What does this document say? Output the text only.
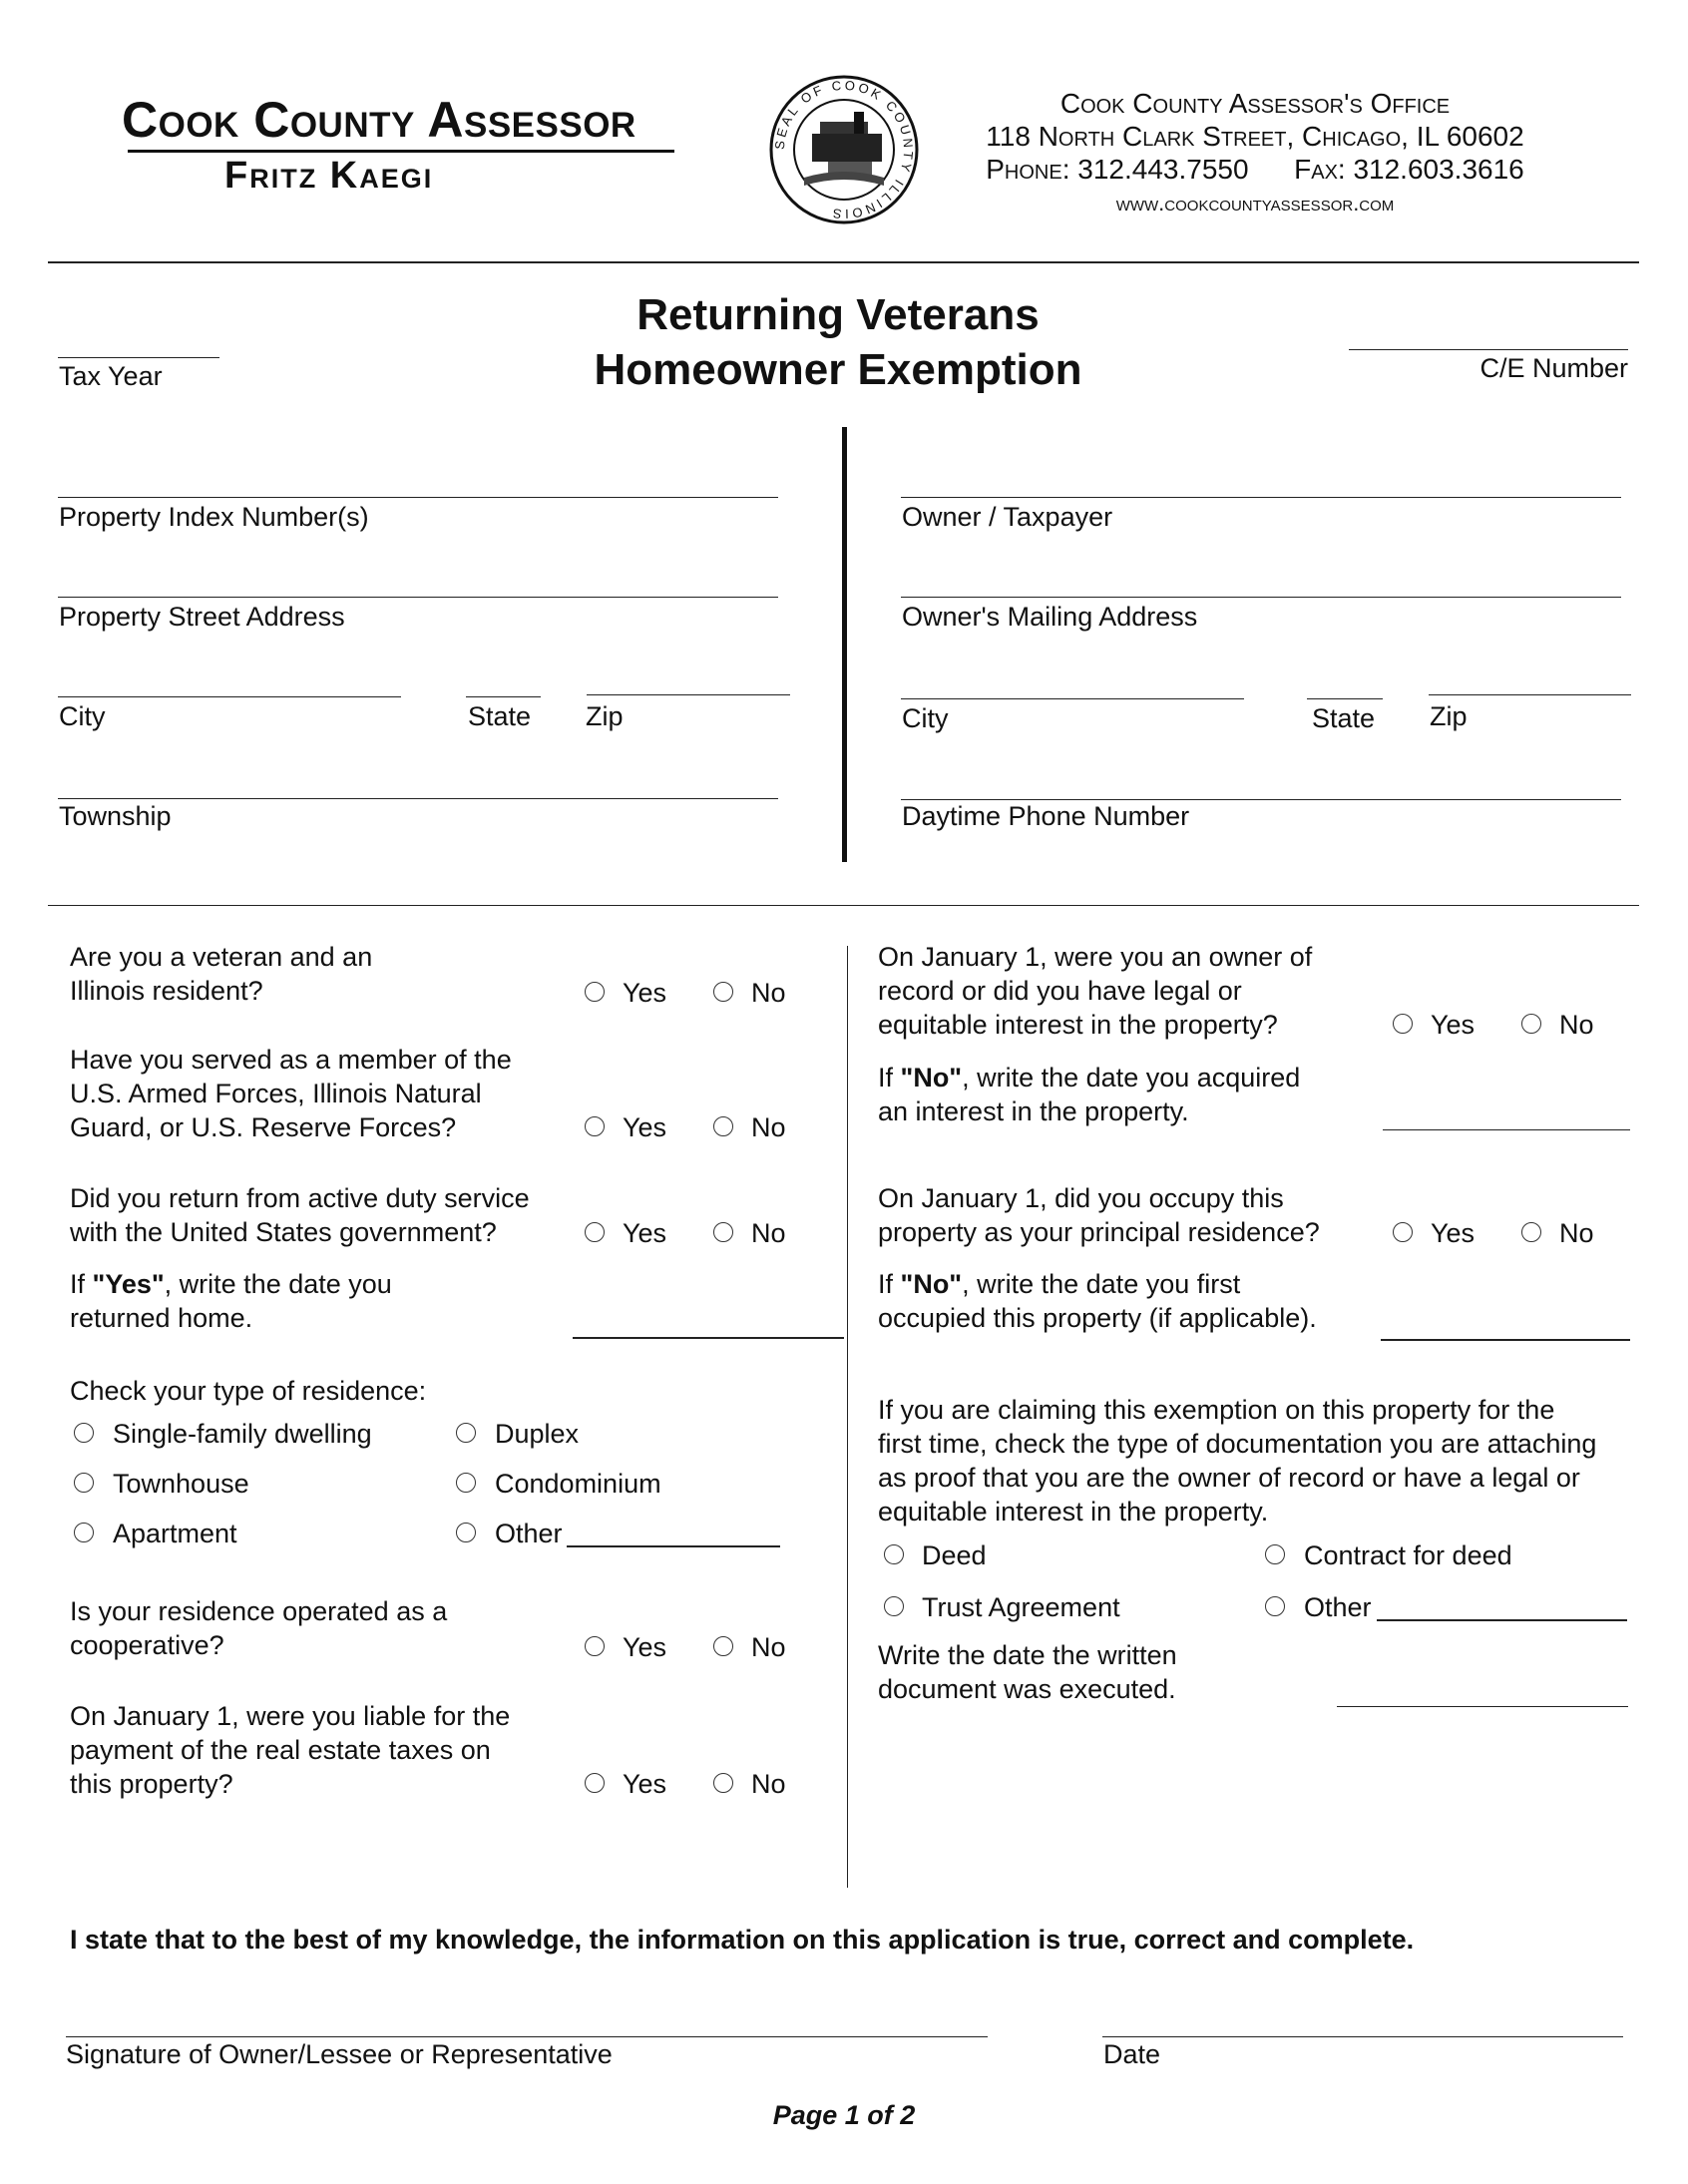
Cook County Assessor
Fritz Kaegi
SEAL OF COOK COUNTY ILLINOIS
Cook County Assessor's Office
118 North Clark Street, Chicago, IL 60602
Phone: 312.443.7550 Fax: 312.603.3616
www.cookcountyassessor.com
Returning Veterans
Homeowner Exemption
Tax Year	C/E Number
Property Index Number(s)
Property Street Address
City	State Zip
Township
Owner / Taxpayer
Owner's Mailing Address
City	State Zip
Daytime Phone Number
Are you a veteran and an
Illinois resident?	Yes	No
Have you served as a member of the
U.S. Armed Forces, Illinois Natural
Guard, or U.S. Reserve Forces?	Yes	No
Did you return from active duty service
with the United States government?	Yes	No
If "Yes", write the date you
returned home.
Check your type of residence:
Single-family dwelling	Duplex
Townhouse	Condominium
Apartment	Other
Is your residence operated as a
cooperative?	Yes	No
On January 1, were you liable for the
payment of the real estate taxes on
this property?	Yes	No
On January 1, were you an owner of
record or did you have legal or
equitable interest in the property?	Yes	No
If "No", write the date you acquired
an interest in the property.
On January 1, did you occupy this
property as your principal residence?	Yes	No
If "No", write the date you first
occupied this property (if applicable).
If you are claiming this exemption on this property for the
first time, check the type of documentation you are attaching
as proof that you are the owner of record or have a legal or
equitable interest in the property.
Deed	Contract for deed
Trust Agreement	Other
Write the date the written
document was executed.
I state that to the best of my knowledge, the information on this application is true, correct and complete.
Signature of Owner/Lessee or Representative	Date
Page 1 of 2
